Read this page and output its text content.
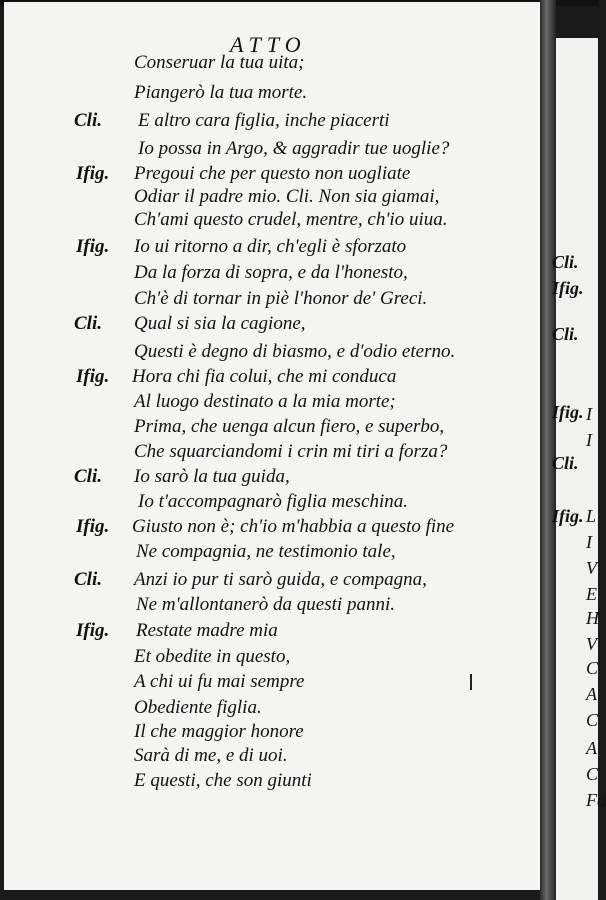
ATTO
Conseruar la tua uita;
Piangerò la tua morte.
Cli. E altro cara figlia, inche piacerti
Io possa in Argo, & aggradir tue uoglie?
Ifig. Pregoui che per questo non uogliate
Odiar il padre mio. Cli. Non sia giamai,
Ch'ami questo crudel, mentre, ch'io uiua.
Ifig. Io ui ritorno a dir, ch'egli è sforzato
Da la forza di sopra, e da l'honesto,
Ch'è di tornar in piè l'honor de' Greci.
Cli. Qual si sia la cagione,
Questi è degno di biasmo, e d'odio eterno.
Ifig. Hora chi fia colui, che mi conduca
Al luogo destinato a la mia morte;
Prima, che uenga alcun fiero, e superbo,
Che squarciandomi i crin mi tiri a forza?
Cli. Io sarò la tua guida,
Io t'accompagnarò figlia meschina.
Ifig. Giusto non è; ch'io m'habbia a questo fine
Ne compagnia, ne testimonio tale,
Cli. Anzi io pur ti sarò guida, e compagna,
Ne m'allontanerò da questi panni.
Ifig. Restate madre mia
Et obedite in questo,
A chi ui fu mai sempre
Obediente figlia.
Il che maggior honore
Sarà di me, e di uoi.
E questi, che son giunti
Cli.
Ifig.
Cli.
Ifig.
Cli.
Ifig.
I
I
L
I
V
E
H
V
C
A
C
A
C
Fa
